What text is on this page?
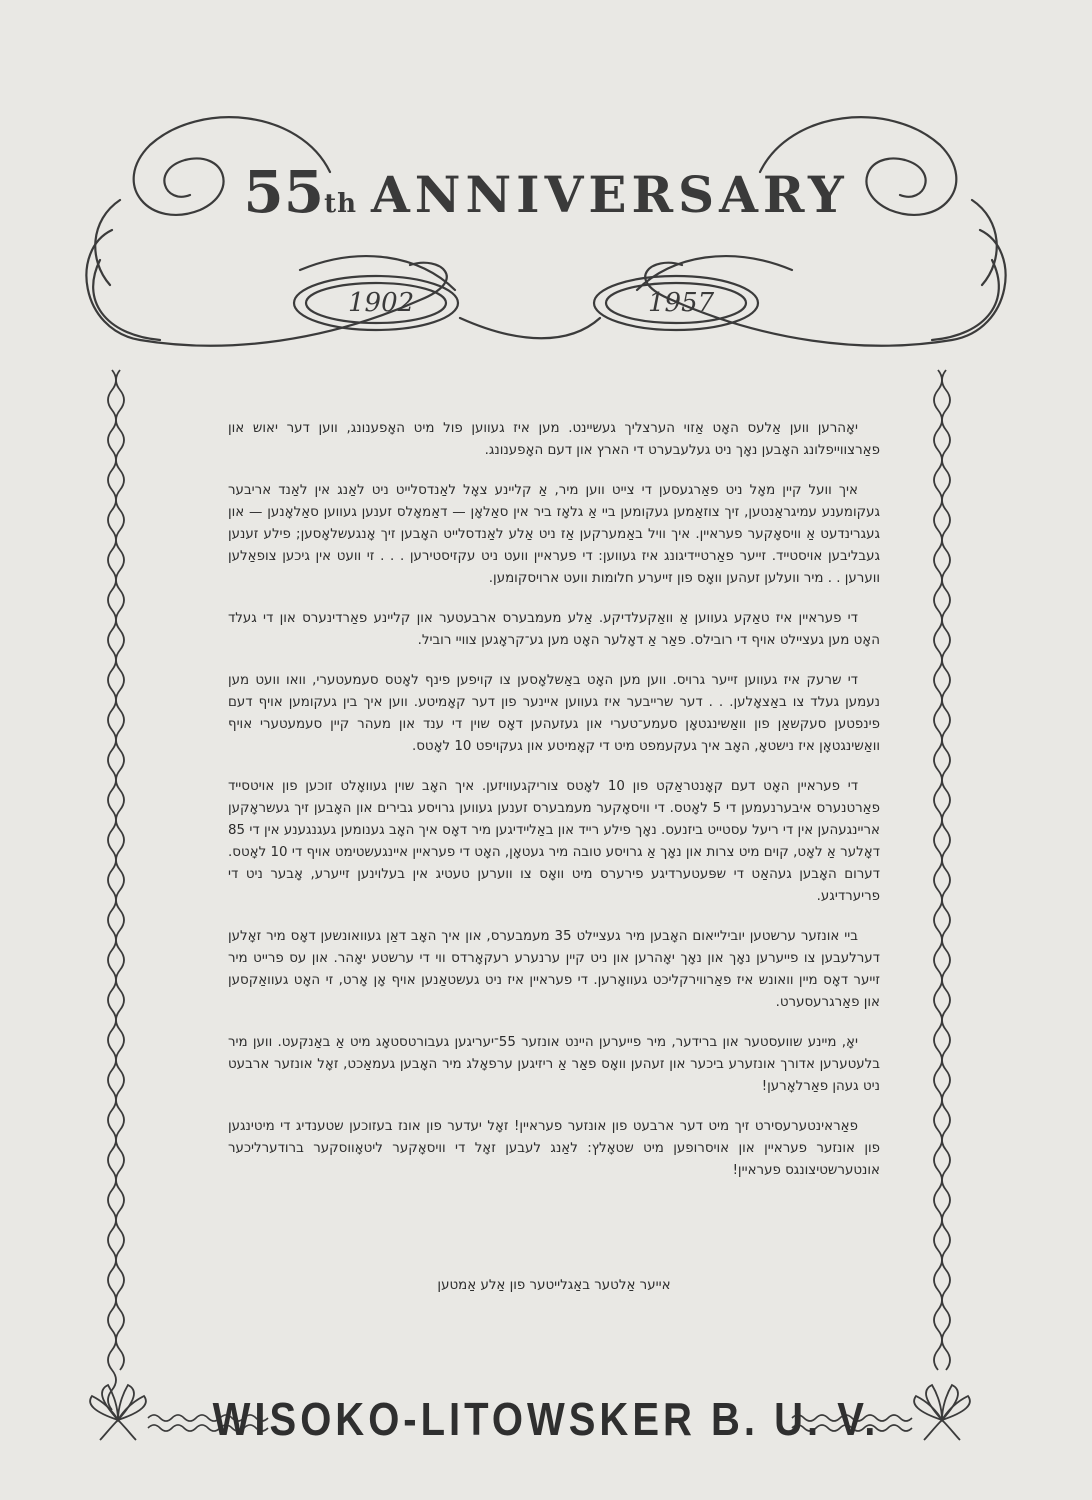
55th ANNIVERSARY
1902	1957

יאָהרען ווען אַלעס האָט אַזוי הערצליך געשיינט. מען איז געווען פול מיט האָפענונג, ווען דער יאוש און פאַרצווייפלונג האָבען נאָך ניט געלעבערט די הארץ און דעם האָפענונג.

איך וועל קיין מאָל ניט פאַרגעסען די צייט ווען מיר, אַ קליינע צאָל לאַנדסלייט ניט לאַנג אין לאַנד אריבער געקומענע עמיגראַנטען, זיך צוזאַמען געקומען ביי אַ גלאָז ביר אין סאַלאָן — דאַמאָלס זענען געווען סאַלאָנען — און געגרינדעט אַ וויסאָקער פעראיין. איך וויל באַמערקען אַז ניט אַלע לאַנדסלייט האָבען זיך אָנגעשלאָסען; פילע זענען געבליבען אויסטייד. זייער פאַרטיידיגונג איז געווען: די פעראיין וועט ניט עקזיסטירען . . . זי וועט אין גיכען צופאַלען ווערען . . מיר וועלען זעהען וואָס פון זייערע חלומות וועט ארויסקומען.

די פעראיין איז טאַקע געווען אַ וואַקעלדיקע. אַלע מעמבערס ארבעטער און קליינע פאַרדינערס און די געלד האָט מען געציילט אויף די רובילס. פאַר אַ דאָלער האָט מען גע־קראָגען צוויי רוביל.

די שרעק איז געווען זייער גרויס. ווען מען האָט באַשלאָסען צו קויפען פינף לאָטס סעמעטערי, וואו וועט מען נעמען געלד צו באַצאָלען. . . דער שרייבער איז געווען איינער פון דער קאָמיטע. ווען איך בין געקומען אויף דעם פינפטען סעקשאַן פון וואַשינגטאָן סעמע־טערי און געזעהען דאָס שוין די ענד און מעהר קיין סעמעטערי אויף וואַשינגטאָן איז נישטאָ, האָב איך געקעמפט מיט די קאָמיטע און געקויפט 10 לאָטס.

די פעראיין האָט דעם קאָנטראַקט פון 10 לאָטס צוריקגעוויזען. איך האָב שוין געוואָלט זוכען פון אויטסייד פאַרטנערס איבערנעמען די 5 לאָטס. די וויסאָקער מעמבערס זענען געווען גרויסע גבירים און האָבען זיך געשראָקען אריינגעהען אין די ריעל עסטייט ביזנעס. נאָך פילע רייד און באַליידיגען מיר דאָס איך האָב גענומען געגנגענע אין די 85 דאָלער אַ לאָט, קוים מיט צרות און נאָך אַ גרויסע טובה מיר געטאָן, האָט די פעראיין איינגעשטימט אויף די 10 לאָטס. דערום האָבען געהאַט די שפּעטערדיגע פירערס מיט וואָס צו ווערען טעטיג אין בעלוינען זייערע, אָבער ניט די פריערדיגע.

ביי אונזער ערשטען יובילייאום האָבען מיר געציילט 35 מעמבערס, און איך האָב דאַן געוואונשען דאָס מיר זאָלען דערלעבען צו פייערען נאָך און נאָך יאָהרען און ניט קיין ערנערע רעקאָרדס ווי די ערשטע יאָהר. און עס פרייט מיר זייער דאָס מיין וואונש איז פאַרווירקליכט געוואָרען. די פעראיין איז ניט געשטאַנען אויף אָן אָרט, זי האָט געוואַקסען און פאַרגרעסערט.

יאָ, מיינע שוועסטער און ברידער, מיר פייערען היינט אונזער 55־יעריגען געבורטסטאָג מיט אַ באַנקעט. ווען מיר בלעטערען אדורך אונזערע ביכער און זעהען וואָס פאַר אַ ריזיגען ערפאָלג מיר האָבען געמאַכט, זאָל אונזער ארבעט ניט געהן פאַרלאָרען!

פאַראינטערעסירט זיך מיט דער ארבעט פון אונזער פעראיין! זאָל יעדער פון אונז בעזוכען שטענדיג די מיטינגען פון אונזער פעראיין און אויסרופען מיט שטאָלץ: לאַנג לעבען זאָל די וויסאָקער ליטאָווסקער ברודערליכער אונטערשטיצונגס פעראיין!

אייער אַלטער באַגלייטער פון אַלע אַמטען
WISOKO-LITOWSKER B. U. V.
